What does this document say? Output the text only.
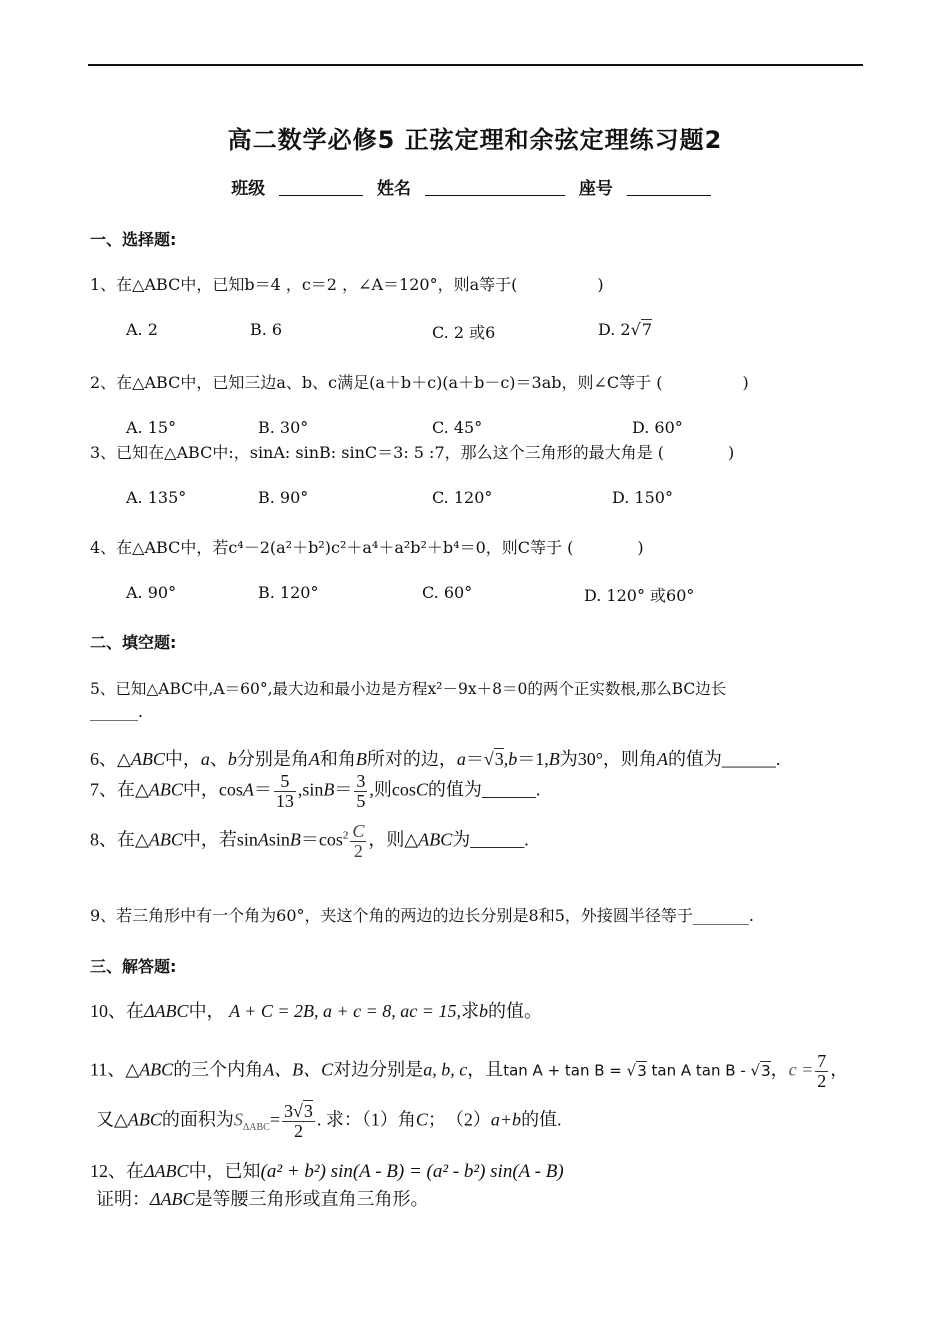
高二数学必修5 正弦定理和余弦定理练习题2
班级	姓名	座号
一、选择题:
1、在△ABC中，已知b＝4 ，c＝2 ，∠A＝120°，则a等于(　　　　　)
A. 2	B. 6	C. 2 或6	D. 2√7
2、在△ABC中，已知三边a、b、c满足(a＋b＋c)(a＋b－c)＝3ab，则∠C等于 (　　　　　)
A. 15°	B. 30°	C. 45°	D. 60°
3、已知在△ABC中:，sinA: sinB: sinC＝3: 5 :7，那么这个三角形的最大角是 (　　　　)
A. 135°	B. 90°	C. 120°	D. 150°
4、在△ABC中，若c⁴－2(a²＋b²)c²＋a⁴＋a²b²＋b⁴＝0，则C等于 (　　　　)
A. 90°	B. 120°	C. 60°	D. 120° 或60°
二、填空题:
5、已知△ABC中,A＝60°,最大边和最小边是方程x²－9x＋8＝0的两个正实数根,那么BC边长
______.
6、△ABC中，a、b分别是角A和角B所对的边，a＝√3,b＝1,B为30°，则角A的值为______.
7、在△ABC中，$\cos A= \frac{5}{13} ,\sin B= \frac{3}{5}$ ,则cosC的值为______.
8、在△ABC中，若$sinAsinB=\cos^2 \frac{C}{2}$ ，则△ABC为______.
9、若三角形中有一个角为60°，夹这个角的两边的边长分别是8和5，外接圆半径等于_______.
三、解答题:
10、在ΔABC中， A + C = 2B, a + c = 8, ac = 15,求b的值。
11、△ABC的三个内角A、B、C对边分别是a, b, c，且tan A + tan B = √3 tan A tan B - √3，$c = \frac{7}{2}$ ，
又△ABC的面积为$S_{\Delta ABC}= \frac{3√3}{2}$ . 求：（1）角C；　（2）a+b的值.
12、在ΔABC中，已知(a² + b²) sin(A - B) = (a² - b²) sin(A - B)
证明：ΔABC是等腰三角形或直角三角形。
